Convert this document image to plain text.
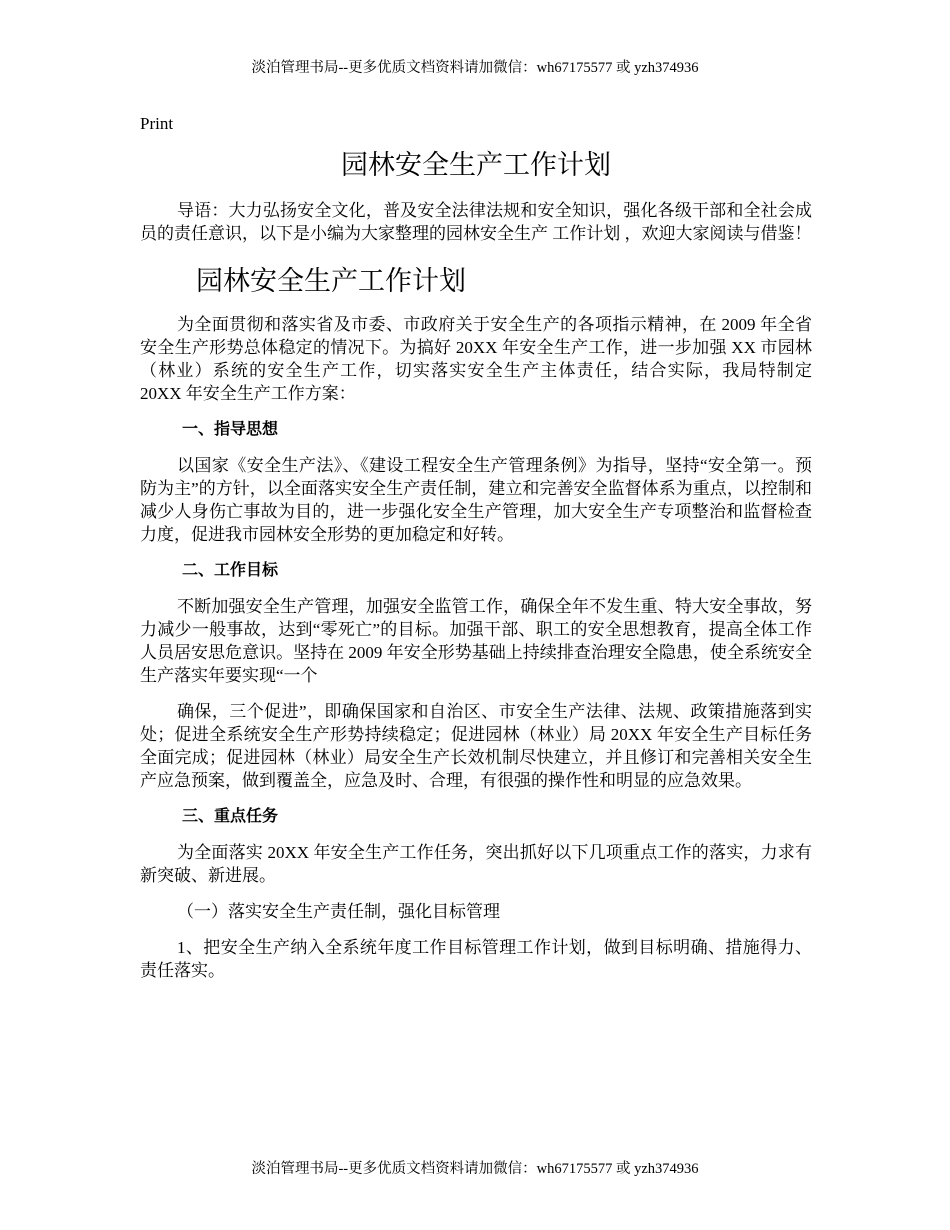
淡泊管理书局--更多优质文档资料请加微信：wh67175577 或 yzh374936
Print
园林安全生产工作计划

导语：大力弘扬安全文化，普及安全法律法规和安全知识，强化各级干部和全社会成员的责任意识，以下是小编为大家整理的园林安全生产 工作计划 ，欢迎大家阅读与借鉴！

园林安全生产工作计划

为全面贯彻和落实省及市委、市政府关于安全生产的各项指示精神，在 2009 年全省安全生产形势总体稳定的情况下。为搞好 20XX 年安全生产工作，进一步加强 XX 市园林（林业）系统的安全生产工作，切实落实安全生产主体责任，结合实际，我局特制定 20XX 年安全生产工作方案：

一、指导思想

以国家《安全生产法》、《建设工程安全生产管理条例》为指导，坚持“安全第一。预防为主”的方针，以全面落实安全生产责任制，建立和完善安全监督体系为重点，以控制和减少人身伤亡事故为目的，进一步强化安全生产管理，加大安全生产专项整治和监督检查力度，促进我市园林安全形势的更加稳定和好转。

二、工作目标

不断加强安全生产管理，加强安全监管工作，确保全年不发生重、特大安全事故，努力减少一般事故，达到“零死亡”的目标。加强干部、职工的安全思想教育，提高全体工作人员居安思危意识。坚持在 2009 年安全形势基础上持续排查治理安全隐患，使全系统安全生产落实年要实现“一个

确保，三个促进”，即确保国家和自治区、市安全生产法律、法规、政策措施落到实处；促进全系统安全生产形势持续稳定；促进园林（林业）局 20XX 年安全生产目标任务全面完成；促进园林（林业）局安全生产长效机制尽快建立，并且修订和完善相关安全生产应急预案，做到覆盖全，应急及时、合理，有很强的操作性和明显的应急效果。

三、重点任务

为全面落实 20XX 年安全生产工作任务，突出抓好以下几项重点工作的落实，力求有新突破、新进展。

（一）落实安全生产责任制，强化目标管理

1、把安全生产纳入全系统年度工作目标管理工作计划，做到目标明确、措施得力、责任落实。

淡泊管理书局--更多优质文档资料请加微信：wh67175577 或 yzh374936
